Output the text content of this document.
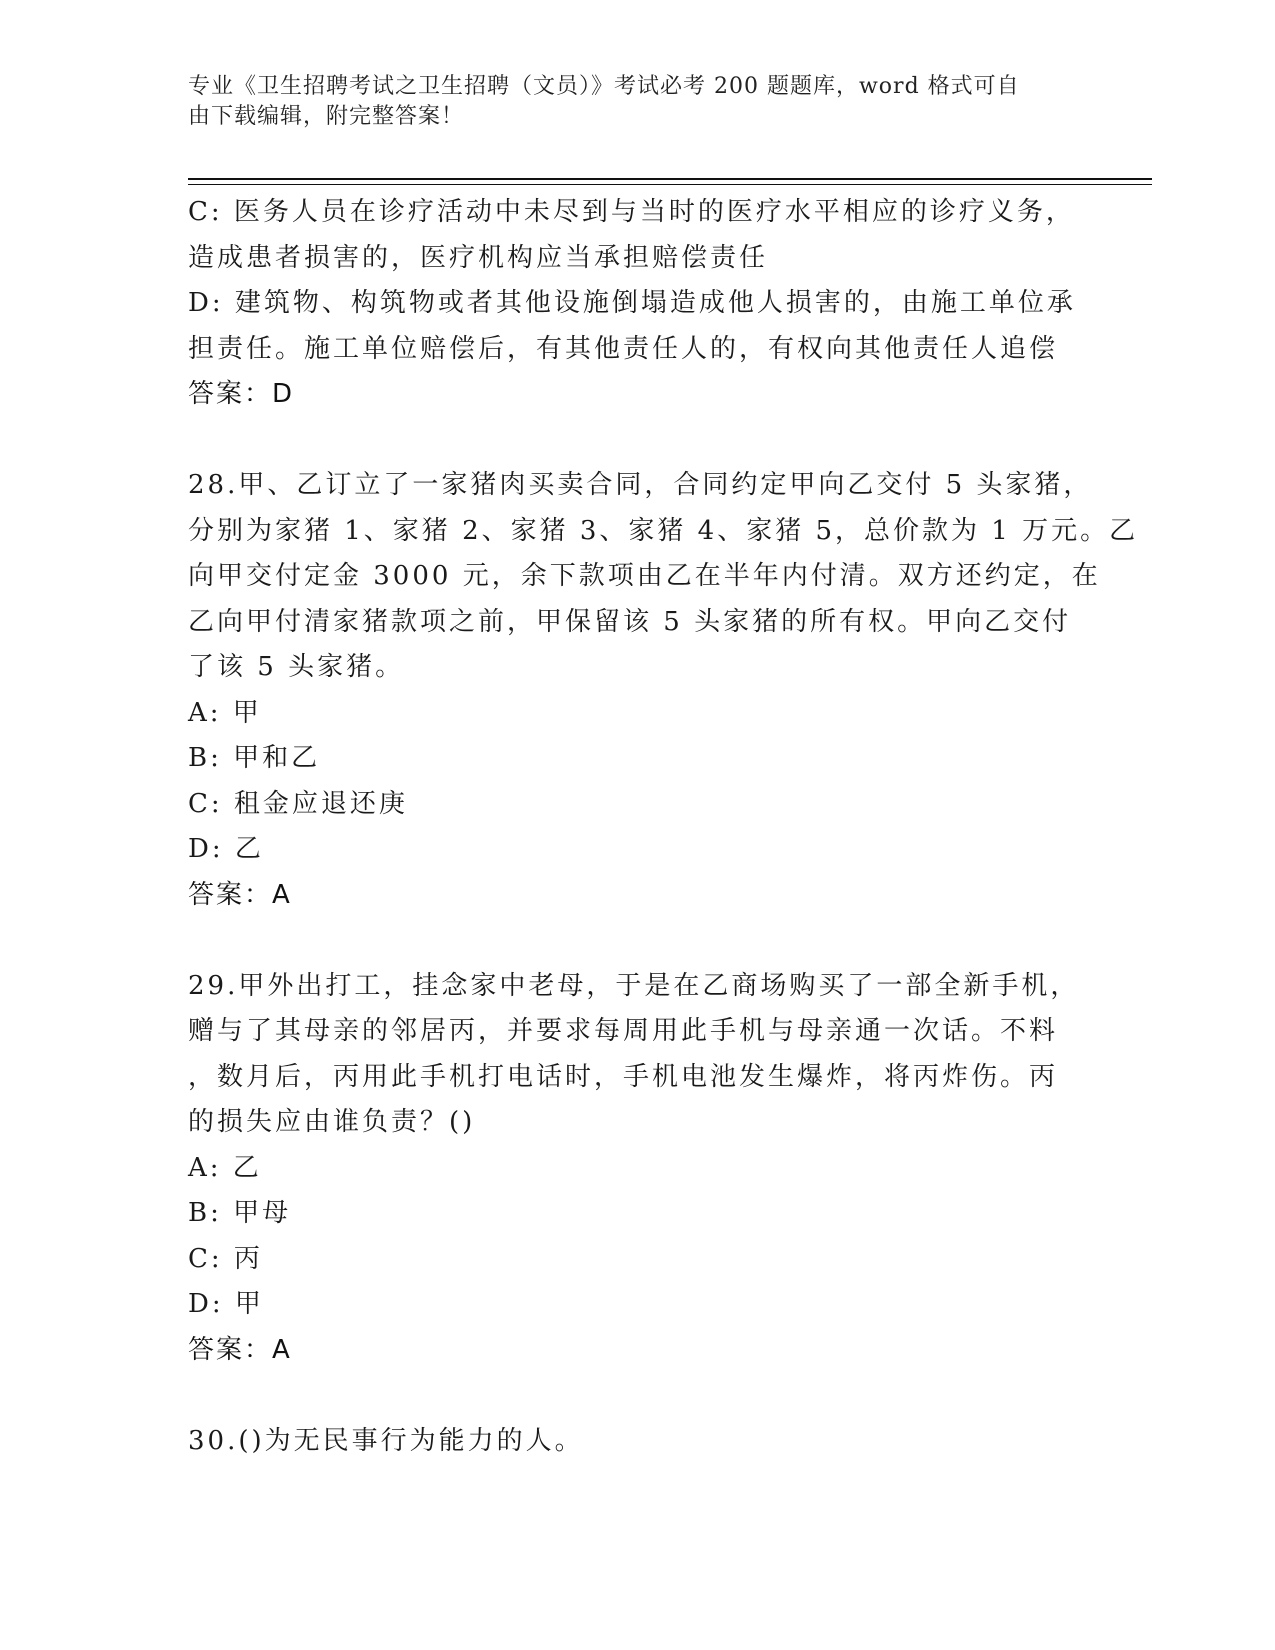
专业《卫生招聘考试之卫生招聘（文员）》考试必考 200 题题库，word 格式可自
由下载编辑，附完整答案！

C: 医务人员在诊疗活动中未尽到与当时的医疗水平相应的诊疗义务，

造成患者损害的，医疗机构应当承担赔偿责任

D: 建筑物、构筑物或者其他设施倒塌造成他人损害的，由施工单位承

担责任。施工单位赔偿后，有其他责任人的，有权向其他责任人追偿

答案：D

28.甲、乙订立了一家猪肉买卖合同，合同约定甲向乙交付 5 头家猪，

分别为家猪 1、家猪 2、家猪 3、家猪 4、家猪 5，总价款为 1 万元。乙

向甲交付定金 3000 元，余下款项由乙在半年内付清。双方还约定，在

乙向甲付清家猪款项之前，甲保留该 5 头家猪的所有权。甲向乙交付

了该 5 头家猪。

A: 甲

B: 甲和乙

C: 租金应退还庚

D: 乙

答案：A

29.甲外出打工，挂念家中老母，于是在乙商场购买了一部全新手机，

赠与了其母亲的邻居丙，并要求每周用此手机与母亲通一次话。不料

，数月后，丙用此手机打电话时，手机电池发生爆炸，将丙炸伤。丙

的损失应由谁负责？()

A: 乙

B: 甲母

C: 丙

D: 甲

答案：A

30.()为无民事行为能力的人。
